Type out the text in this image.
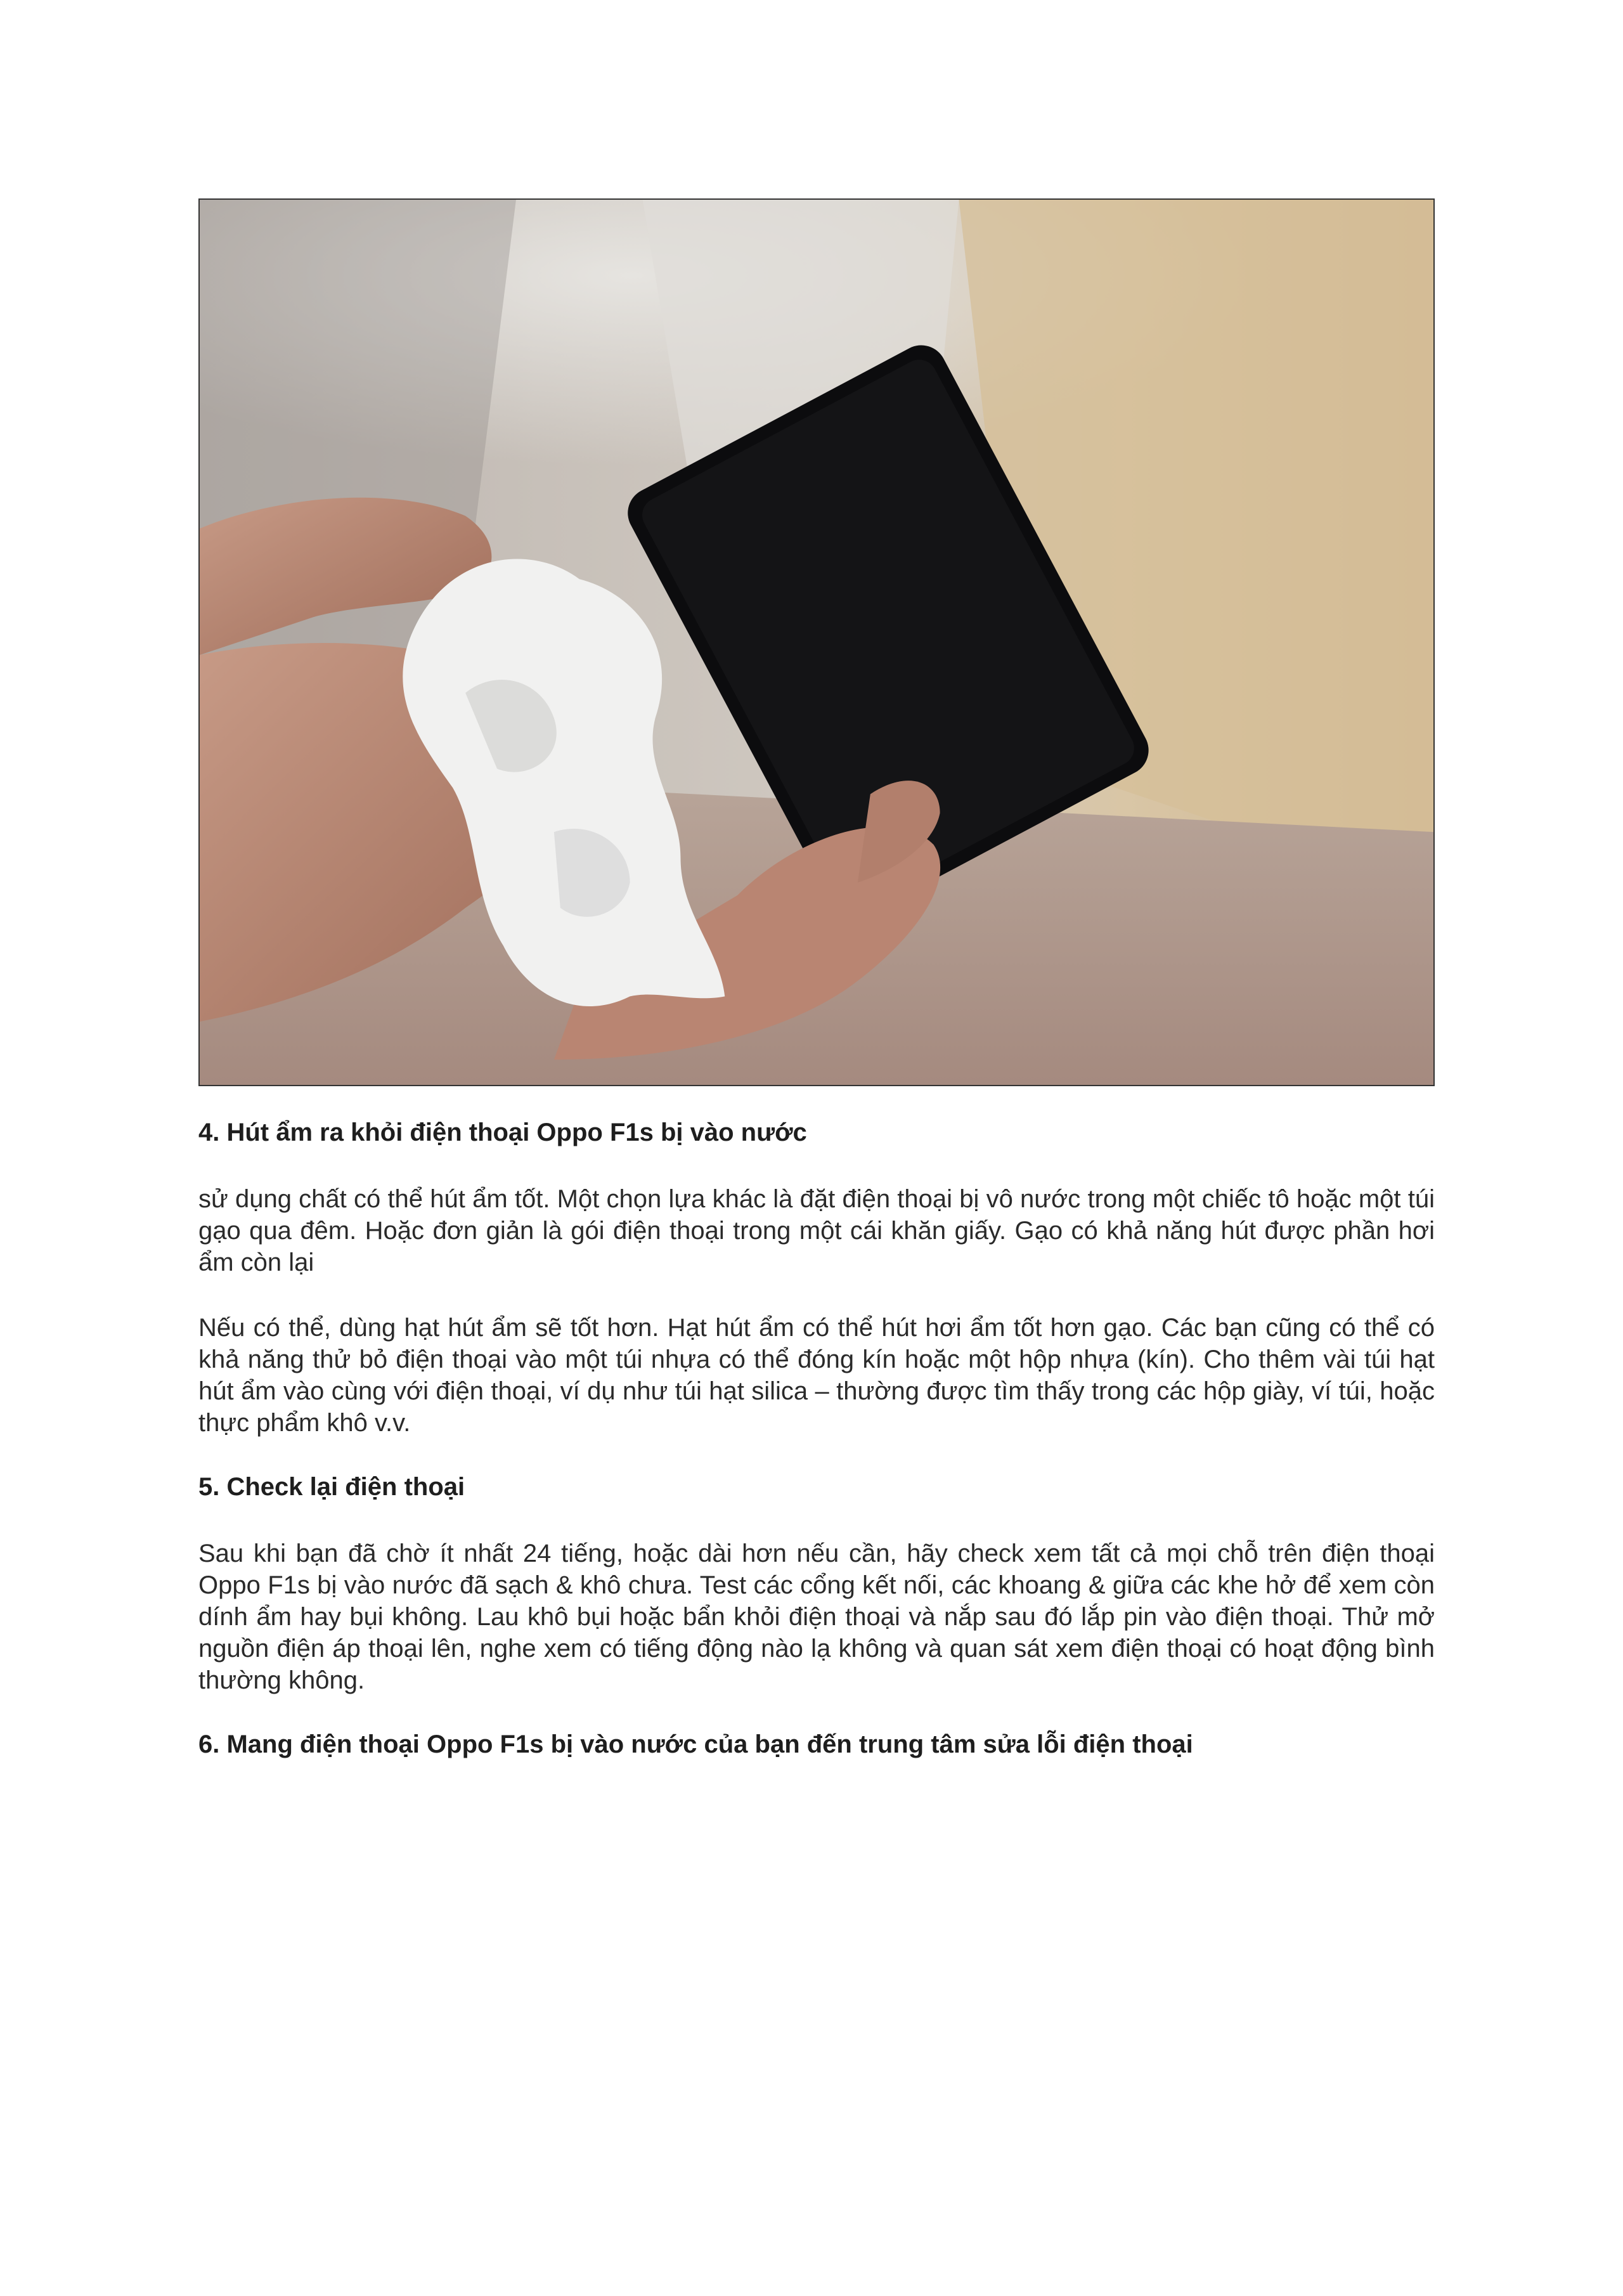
4. Hút ẩm ra khỏi điện thoại Oppo F1s bị vào nước

sử dụng chất có thể hút ẩm tốt. Một chọn lựa khác là đặt điện thoại bị vô nước trong một chiếc tô hoặc một túi gạo qua đêm. Hoặc đơn giản là gói điện thoại trong một cái khăn giấy. Gạo có khả năng hút được phần hơi ẩm còn lại

Nếu có thể, dùng hạt hút ẩm sẽ tốt hơn. Hạt hút ẩm có thể hút hơi ẩm tốt hơn gạo. Các bạn cũng có thể có khả năng thử bỏ điện thoại vào một túi nhựa có thể đóng kín hoặc một hộp nhựa (kín). Cho thêm vài túi hạt hút ẩm vào cùng với điện thoại, ví dụ như túi hạt silica – thường được tìm thấy trong các hộp giày, ví túi, hoặc thực phẩm khô v.v.

5. Check lại điện thoại

Sau khi bạn đã chờ ít nhất 24 tiếng, hoặc dài hơn nếu cần, hãy check xem tất cả mọi chỗ trên điện thoại Oppo F1s bị vào nước đã sạch & khô chưa. Test các cổng kết nối, các khoang & giữa các khe hở để xem còn dính ẩm hay bụi không. Lau khô bụi hoặc bẩn khỏi điện thoại và nắp sau đó lắp pin vào điện thoại. Thử mở nguồn điện áp thoại lên, nghe xem có tiếng động nào lạ không và quan sát xem điện thoại có hoạt động bình thường không.

6. Mang điện thoại Oppo F1s bị vào nước của bạn đến trung tâm sửa lỗi điện thoại
